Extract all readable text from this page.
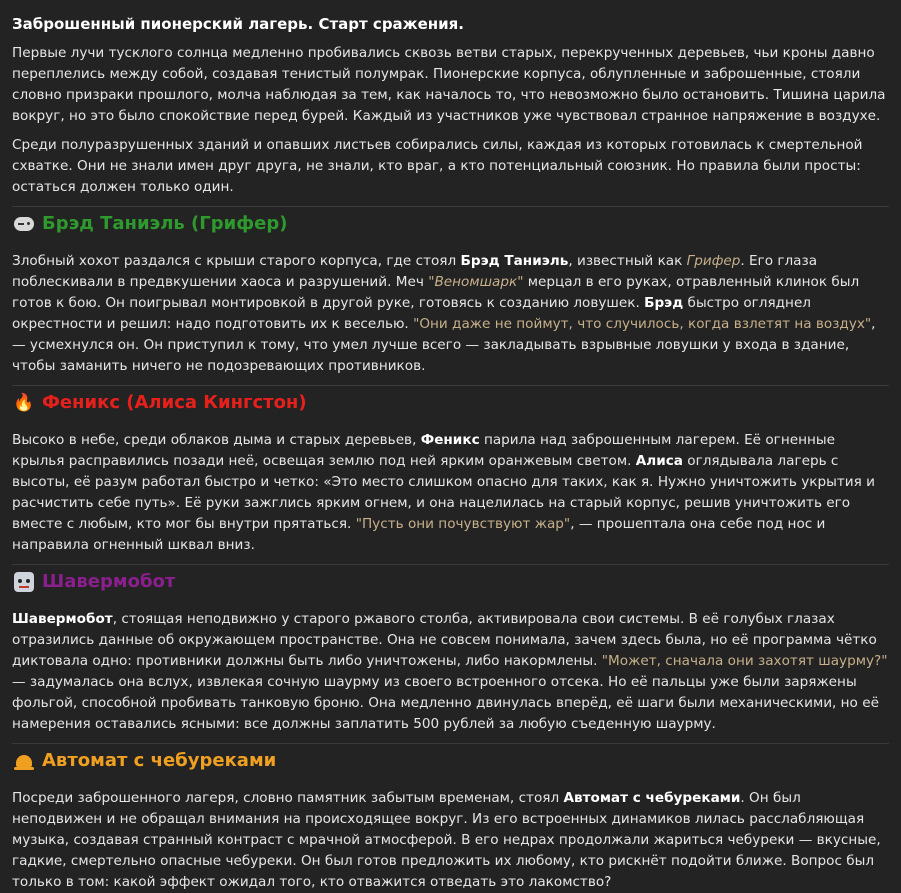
Заброшенный пионерский лагерь. Старт сражения.

Первые лучи тусклого солнца медленно пробивались сквозь ветви старых, перекрученных деревьев, чьи кроны давно переплелись между собой, создавая тенистый полумрак. Пионерские корпуса, облупленные и заброшенные, стояли словно призраки прошлого, молча наблюдая за тем, как началось то, что невозможно было остановить. Тишина царила вокруг, но это было спокойствие перед бурей. Каждый из участников уже чувствовал странное напряжение в воздухе.

Среди полуразрушенных зданий и опавших листьев собирались силы, каждая из которых готовилась к смертельной схватке. Они не знали имен друг друга, не знали, кто враг, а кто потенциальный союзник. Но правила были просты: остаться должен только один.

Брэд Таниэль (Грифер)

Злобный хохот раздался с крыши старого корпуса, где стоял Брэд Таниэль, известный как Грифер. Его глаза поблескивали в предвкушении хаоса и разрушений. Меч "Веномшарк" мерцал в его руках, отравленный клинок был готов к бою. Он поигрывал монтировкой в другой руке, готовясь к созданию ловушек. Брэд быстро огляднел окрестности и решил: надо подготовить их к веселью. "Они даже не поймут, что случилось, когда взлетят на воздух", — усмехнулся он. Он приступил к тому, что умел лучше всего — закладывать взрывные ловушки у входа в здание, чтобы заманить ничего не подозревающих противников.

🔥 Феникс (Алиса Кингстон)

Высоко в небе, среди облаков дыма и старых деревьев, Феникс парила над заброшенным лагерем. Её огненные крылья расправились позади неё, освещая землю под ней ярким оранжевым светом. Алиса оглядывала лагерь с высоты, её разум работал быстро и четко: «Это место слишком опасно для таких, как я. Нужно уничтожить укрытия и расчистить себе путь». Её руки зажглись ярким огнем, и она нацелилась на старый корпус, решив уничтожить его вместе с любым, кто мог бы внутри прятаться. "Пусть они почувствуют жар", — прошептала она себе под нос и направила огненный шквал вниз.

Шавермобот

Шавермобот, стоящая неподвижно у старого ржавого столба, активировала свои системы. В её голубых глазах отразились данные об окружающем пространстве. Она не совсем понимала, зачем здесь была, но её программа чётко диктовала одно: противники должны быть либо уничтожены, либо накормлены. "Может, сначала они захотят шаурму?" — задумалась она вслух, извлекая сочную шаурму из своего встроенного отсека. Но её пальцы уже были заряжены фольгой, способной пробивать танковую броню. Она медленно двинулась вперёд, её шаги были механическими, но её намерения оставались ясными: все должны заплатить 500 рублей за любую съеденную шаурму.

Автомат с чебуреками

Посреди заброшенного лагеря, словно памятник забытым временам, стоял Автомат с чебуреками. Он был неподвижен и не обращал внимания на происходящее вокруг. Из его встроенных динамиков лилась расслабляющая музыка, создавая странный контраст с мрачной атмосферой. В его недрах продолжали жариться чебуреки — вкусные, гадкие, смертельно опасные чебуреки. Он был готов предложить их любому, кто рискнёт подойти ближе. Вопрос был только в том: какой эффект ожидал того, кто отважится отведать это лакомство?
